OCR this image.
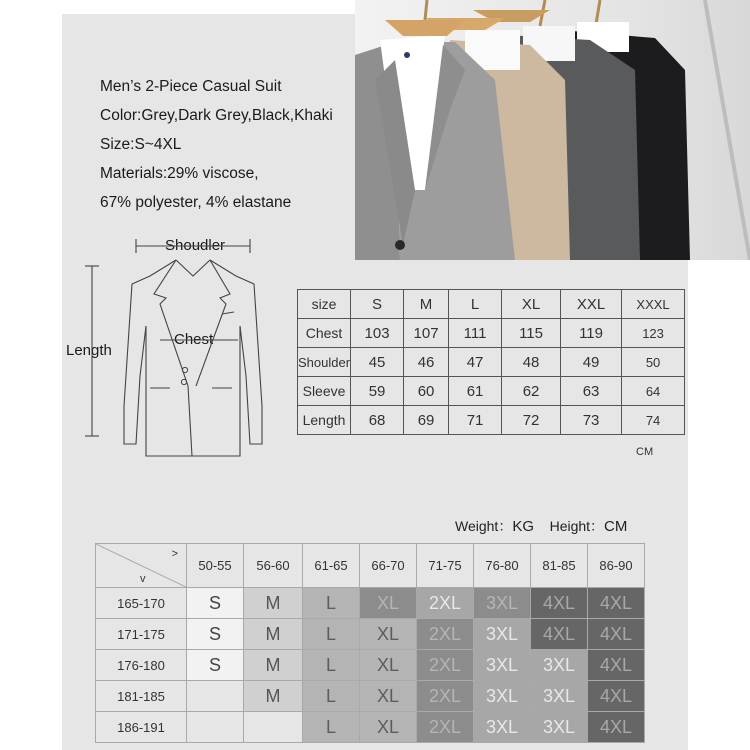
Men’s 2-Piece Casual Suit
Color:Grey,Dark Grey,Black,Khaki
Size:S~4XL
Materials:29% viscose,
67% polyester, 4% elastane
Shoudler
Chest
Length
size	S	M	L	XL	XXL	XXXL
Chest	103	107	111	115	119	123
Shoulder	45	46	47	48	49	50
Sleeve	59	60	61	62	63	64
Length	68	69	71	72	73	74
CM
Weight：KG Height：CM
>
v	50-55	56-60	61-65	66-70	71-75	76-80	81-85	86-90
165-170	S	M	L	XL	2XL	3XL	4XL	4XL
171-175	S	M	L	XL	2XL	3XL	4XL	4XL
176-180	S	M	L	XL	2XL	3XL	3XL	4XL
181-185		M	L	XL	2XL	3XL	3XL	4XL
186-191			L	XL	2XL	3XL	3XL	4XL
